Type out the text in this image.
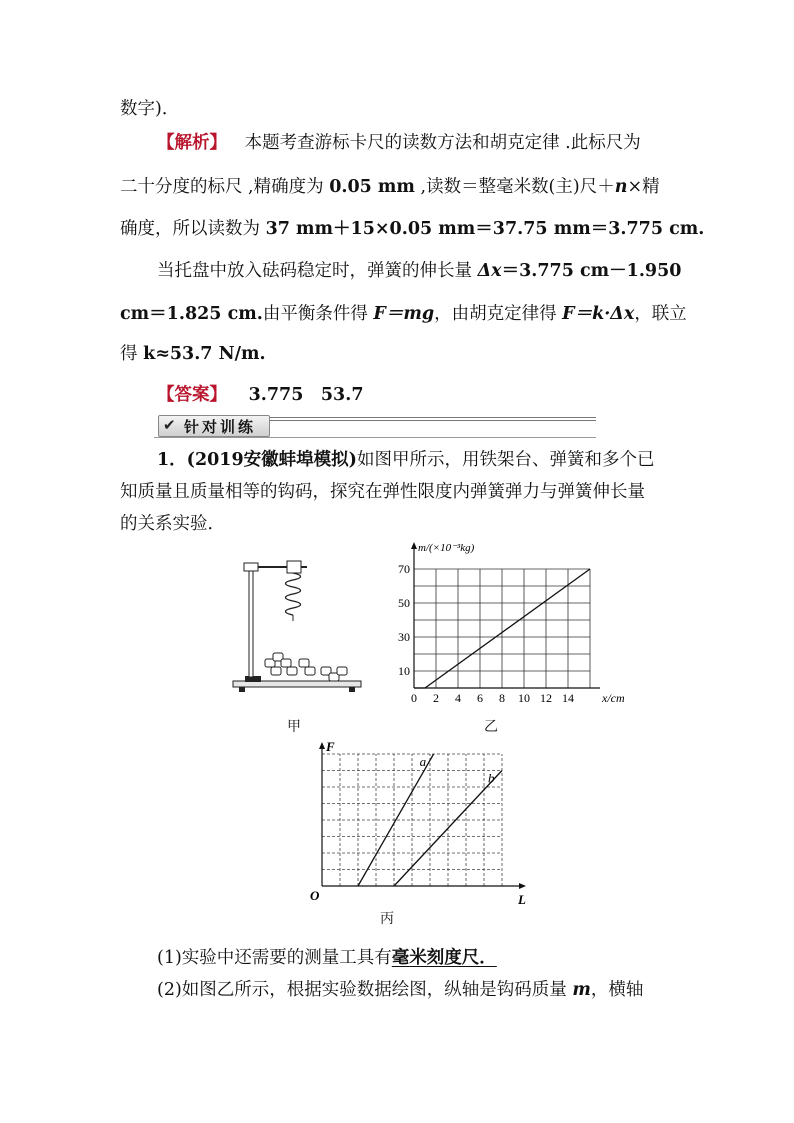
数字)．
【解析】 本题考查游标卡尺的读数方法和胡克定律 .此标尺为
二十分度的标尺 ,精确度为 0.05 mm ,读数＝整毫米数(主)尺＋n×精
确度，所以读数为 37 mm＋15×0.05 mm＝37.75 mm＝3.775 cm.
当托盘中放入砝码稳定时，弹簧的伸长量 Δx＝3.775 cm－1.950
cm＝1.825 cm.由平衡条件得 F＝mg，由胡克定律得 F＝k·Δx，联立
得 k≈53.7 N/m.
【答案】 3.775　53.7
✔ 针对训练
1．(2019安徽蚌埠模拟)如图甲所示，用铁架台、弹簧和多个已
知质量且质量相等的钩码，探究在弹性限度内弹簧弹力与弹簧伸长量
的关系实验．
甲
0 2 4 6 8 10 12 14
10
30
50
70
m/(×10⁻³kg)
x/cm
乙
O
F
L
a
b
丙
(1)实验中还需要的测量工具有毫米刻度尺．
(2)如图乙所示，根据实验数据绘图，纵轴是钩码质量 m，横轴
